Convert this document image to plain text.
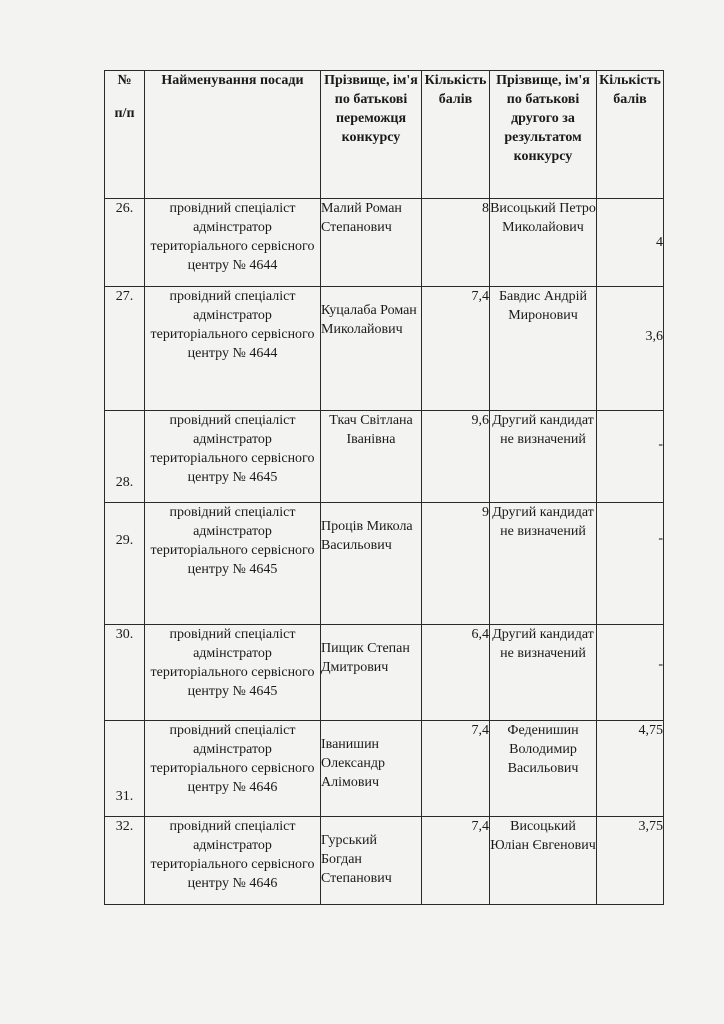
№
п/п	Найменування посади	Прізвище, ім'я по батькові переможця конкурсу	Кількість балів	Прізвище, ім'я по батькові другого за результатом конкурсу	Кількість балів
26.	провідний спеціаліст адмінстратор територіального сервісного центру № 4644	Малий Роман Степанович	8	Висоцький Петро Миколайович	4
27.	провідний спеціаліст адмінстратор територіального сервісного центру № 4644	Куцалаба Роман Миколайович	7,4	Бавдис Андрій Миронович	3,6
28.	провідний спеціаліст адмінстратор територіального сервісного центру № 4645	Ткач Світлана Іванівна	9,6	Другий кандидат не визначений	-
29.	провідний спеціаліст адмінстратор територіального сервісного центру № 4645	Проців Микола Васильович	9	Другий кандидат не визначений	-
30.	провідний спеціаліст адмінстратор територіального сервісного центру № 4645	Пищик Степан Дмитрович	6,4	Другий кандидат не визначений	-
31.	провідний спеціаліст адмінстратор територіального сервісного центру № 4646	Іванишин Олександр Алімович	7,4	Феденишин Володимир Васильович	4,75
32.	провідний спеціаліст адмінстратор територіального сервісного центру № 4646	Гурський Богдан Степанович	7,4	Висоцький Юліан Євгенович	3,75
